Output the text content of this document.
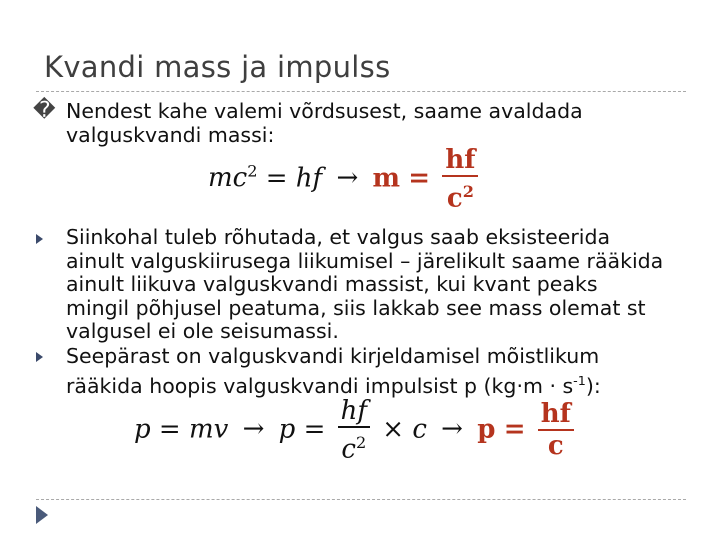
Kvandi mass ja impulss
� Nendest kahe valemi võrdsusest, saame avaldada valguskvandi massi:
$mc^2$ = hf → $m = \frac{hf}{c^2}$
Siinkohal tuleb rõhutada, et valgus saab eksisteerida ainult valguskiirusega liikumisel – järelikult saame rääkida ainult liikuva valguskvandi massist, kui kvant peaks mingil põhjusel peatuma, siis lakkab see mass olemat st valgusel ei ole seisumassi.
Seepärast on valguskvandi kirjeldamisel mõistlikum rääkida hoopis valguskvandi impulsist p $(kg\cdot m \cdot s^{-1})$:
p = mv → $p = \frac{hf}{c^2} \times c \to p = \frac{hf}{c}$
